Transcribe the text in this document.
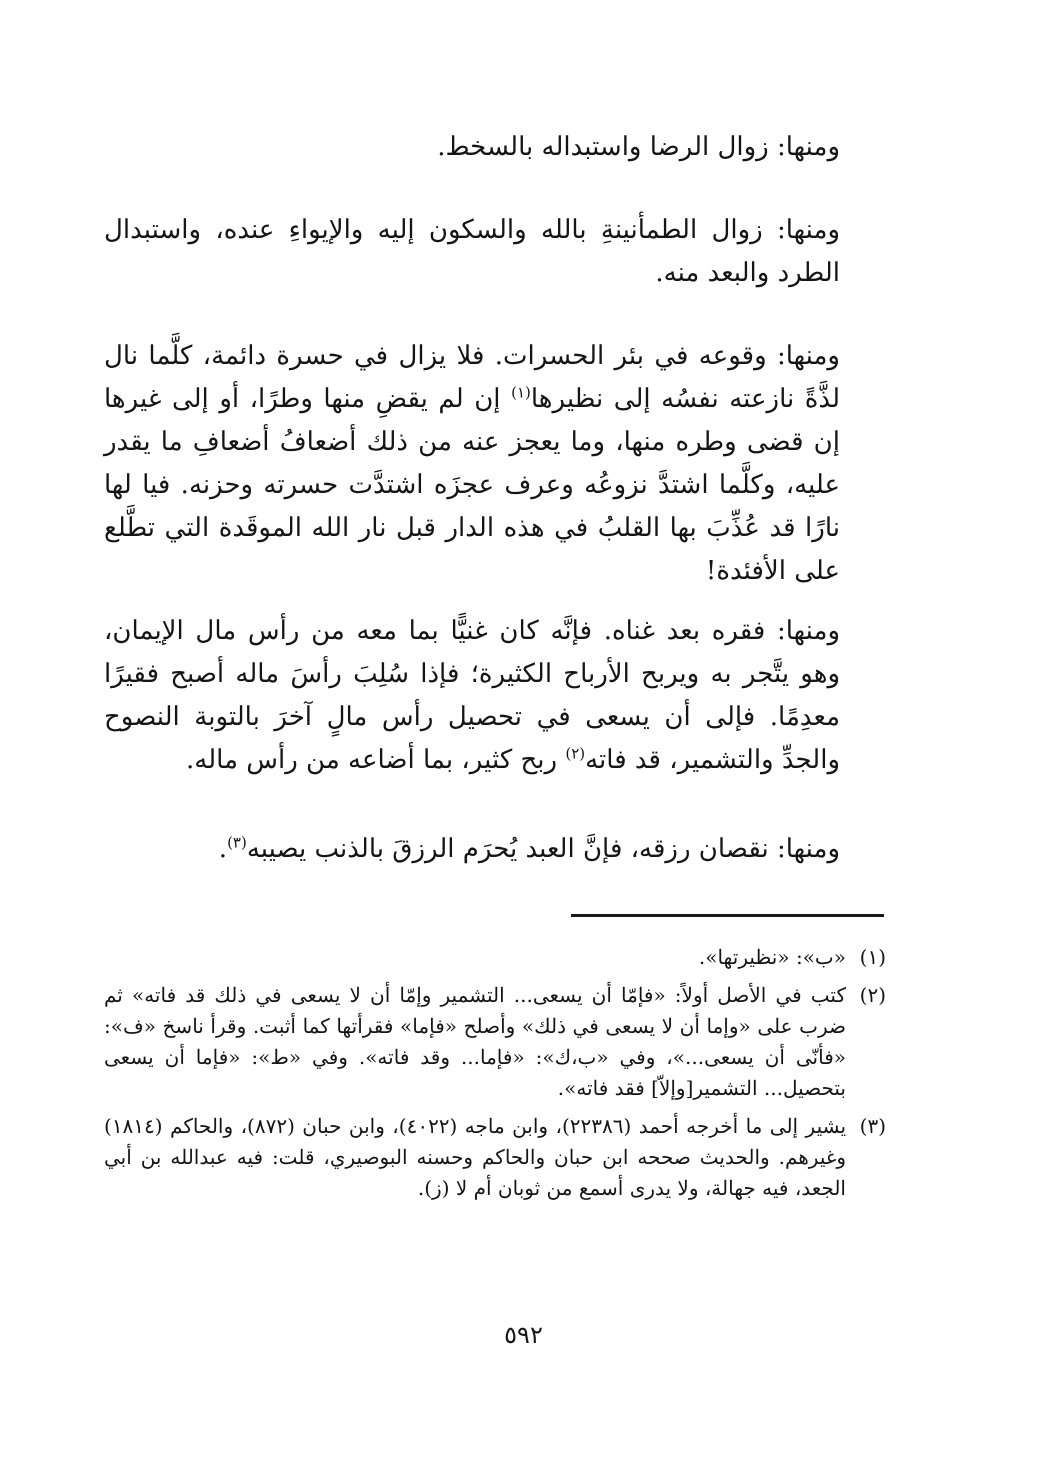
ومنها: زوال الرضا واستبداله بالسخط.
ومنها: زوال الطمأنينةِ بالله والسكون إليه والإيواءِ عنده، واستبدال الطرد والبعد منه.
ومنها: وقوعه في بئر الحسرات. فلا يزال في حسرة دائمة، كلَّما نال لذَّةً نازعته نفسُه إلى نظيرها$^{(١)}$ إن لم يقضِ منها وطرًا، أو إلى غيرها إن قضى وطره منها، وما يعجز عنه من ذلك أضعافُ أضعافِ ما يقدر عليه، وكلَّما اشتدَّ نزوعُه وعرف عجزَه اشتدَّت حسرته وحزنه. فيا لها نارًا قد عُذِّبَ بها القلبُ في هذه الدار قبل نار الله الموقَدة التي تطَّلع على الأفئدة!
ومنها: فقره بعد غناه. فإنَّه كان غنيًّا بما معه من رأس مال الإيمان، وهو يتَّجر به ويربح الأرباح الكثيرة؛ فإذا سُلِبَ رأسَ ماله أصبح فقيرًا معدِمًا. فإلى أن يسعى في تحصيل رأس مالٍ آخرَ بالتوبة النصوح والجدِّ والتشمير، قد فاته$^{(٢)}$ ربح كثير، بما أضاعه من رأس ماله.
ومنها: نقصان رزقه، فإنَّ العبد يُحرَم الرزقَ بالذنب يصيبه$^{(٣)}$.
(١)
«ب»: «نظيرتها».
(٢)
كتب في الأصل أولاً: «فإمّا أن يسعى... التشمير وإمّا أن لا يسعى في ذلك قد فاته» ثم ضرب على «وإما أن لا يسعى في ذلك» وأصلح «فإما» فقرأتها كما أثبت. وقرأ ناسخ «ف»: «فأنّى أن يسعى...»، وفي «ب،ك»: «فإما... وقد فاته». وفي «ط»: «فإما أن يسعى بتحصيل... التشمير[وإلاّ] فقد فاته».
(٣)
يشير إلى ما أخرجه أحمد (٢٢٣٨٦)، وابن ماجه (٤٠٢٢)، وابن حبان (٨٧٢)، والحاكم (١٨١٤) وغيرهم. والحديث صححه ابن حبان والحاكم وحسنه البوصيري، قلت: فيه عبدالله بن أبي الجعد، فيه جهالة، ولا يدرى أسمع من ثوبان أم لا (ز).
٥٩٢
